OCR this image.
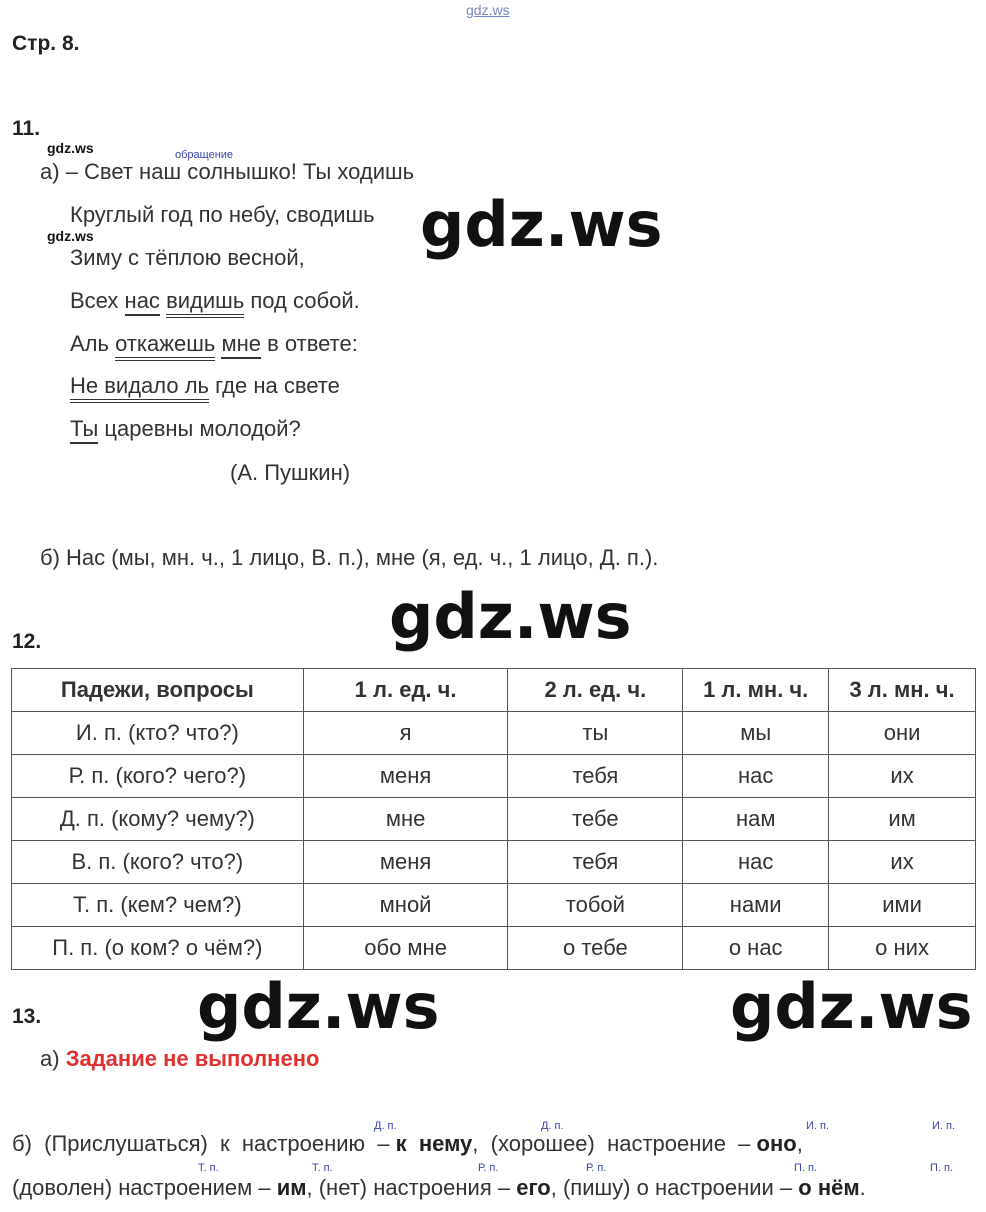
gdz.ws
Стр. 8.
11.
gdz.ws	обращение
а) – Свет наш солнышко! Ты ходишь
Круглый год по небу, сводишь
gdz.ws
Зиму с тёплою весной,
Всех нас видишь под собой.
Аль откажешь мне в ответе:
Не видало ль где на свете
Ты царевны молодой?
(А. Пушкин)
gdz.ws
б) Нас (мы, мн. ч., 1 лицо, В. п.), мне (я, ед. ч., 1 лицо, Д. п.).
gdz.ws
12.
Падежи, вопросы	1 л. ед. ч.	2 л. ед. ч.	1 л. мн. ч.	3 л. мн. ч.
И. п. (кто? что?)	я	ты	мы	они
Р. п. (кого? чего?)	меня	тебя	нас	их
Д. п. (кому? чему?)	мне	тебе	нам	им
В. п. (кого? что?)	меня	тебя	нас	их
Т. п. (кем? чем?)	мной	тобой	нами	ими
П. п. (о ком? о чём?)	обо мне	о тебе	о нас	о них
13.	gdz.ws	gdz.ws
а) Задание не выполнено
Д. п.	Д. п.	И. п.	И. п.
б)  (Прислушаться)  к  настроению  – к  нему ,  (хорошее)  настроение  – оно ,
Т. п.	Т. п.	Р. п.	Р. п.	П. п.	П. п.
(доволен) настроением – им, (нет) настроения – его, (пишу) о настроении – о нём.
